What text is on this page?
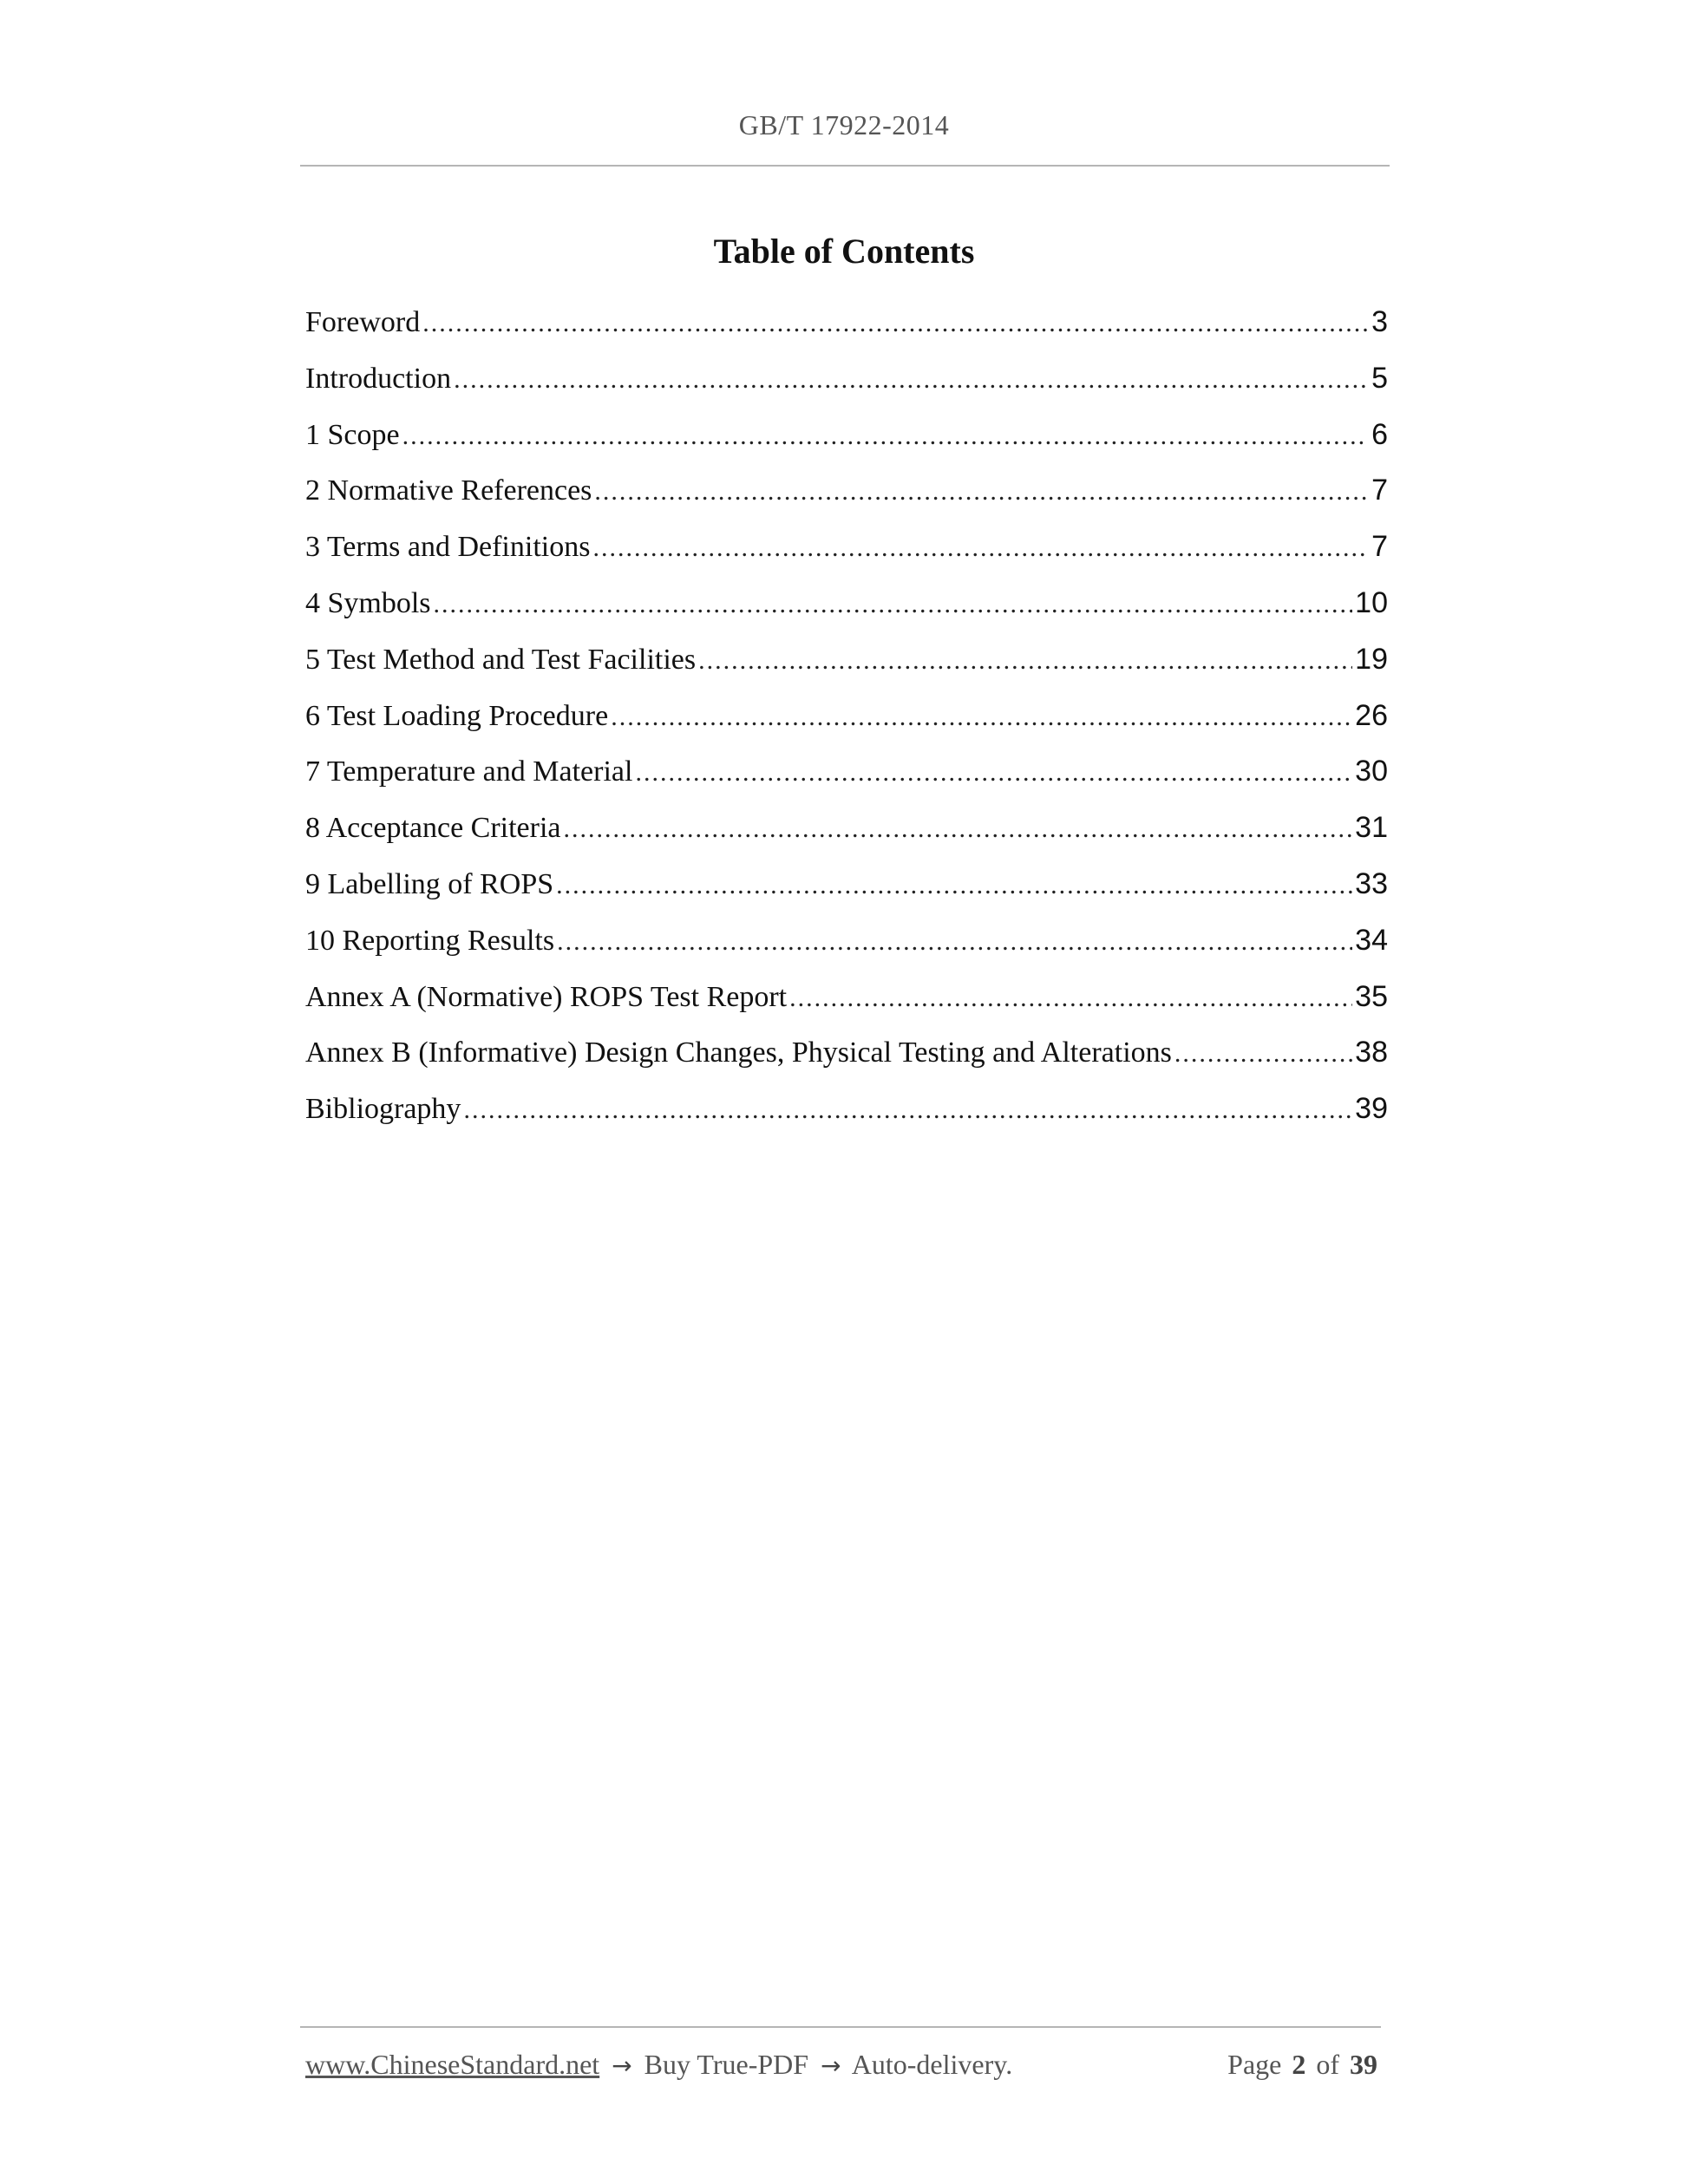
GB/T 17922-2014
Table of Contents
Foreword .....	3
Introduction .....	5
1 Scope .....	6
2 Normative References .....	7
3 Terms and Definitions .....	7
4 Symbols .....	10
5 Test Method and Test Facilities .....	19
6 Test Loading Procedure .....	26
7 Temperature and Material .....	30
8 Acceptance Criteria .....	31
9 Labelling of ROPS .....	33
10 Reporting Results .....	34
Annex A (Normative) ROPS Test Report .....	35
Annex B (Informative) Design Changes, Physical Testing and Alterations .....	38
Bibliography .....	39
www.ChineseStandard.net → Buy True-PDF → Auto-delivery.	Page 2 of 39
